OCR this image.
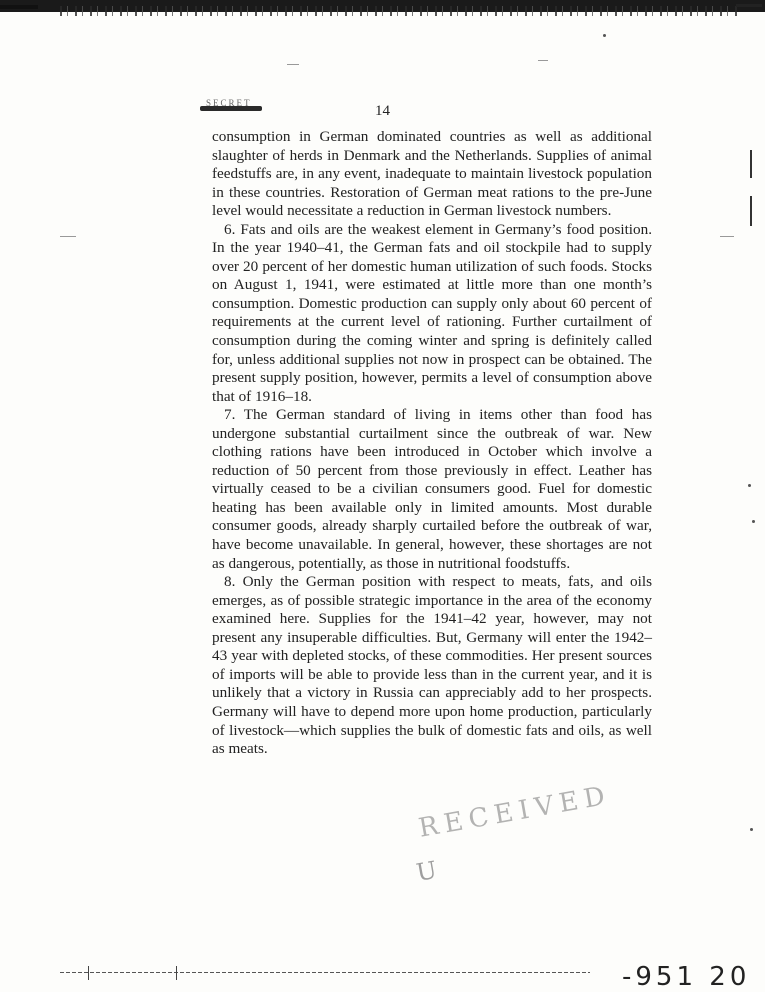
SECRET	14

consumption in German dominated countries as well as additional slaughter of herds in Denmark and the Netherlands. Supplies of animal feedstuffs are, in any event, inadequate to maintain livestock population in these countries. Restoration of German meat rations to the pre-June level would necessitate a reduction in German livestock numbers.

6. Fats and oils are the weakest element in Germany’s food position. In the year 1940–41, the German fats and oil stockpile had to supply over 20 percent of her domestic human utilization of such foods. Stocks on August 1, 1941, were estimated at little more than one month’s consumption. Domestic production can supply only about 60 percent of requirements at the current level of rationing. Further curtailment of consumption during the coming winter and spring is definitely called for, unless additional supplies not now in prospect can be obtained. The present supply position, however, permits a level of consumption above that of 1916–18.

7. The German standard of living in items other than food has undergone substantial curtailment since the outbreak of war. New clothing rations have been introduced in October which involve a reduction of 50 percent from those previously in effect. Leather has virtually ceased to be a civilian consumers good. Fuel for domestic heating has been available only in limited amounts. Most durable consumer goods, already sharply curtailed before the outbreak of war, have become unavailable. In general, however, these shortages are not as dangerous, potentially, as those in nutritional foodstuffs.

8. Only the German position with respect to meats, fats, and oils emerges, as of possible strategic importance in the area of the economy examined here. Supplies for the 1941–42 year, however, may not present any insuperable difficulties. But, Germany will enter the 1942–43 year with depleted stocks, of these commodities. Her present sources of imports will be able to provide less than in the current year, and it is unlikely that a victory in Russia can appreciably add to her prospects. Germany will have to depend more upon home production, particularly of livestock—which supplies the bulk of domestic fats and oils, as well as meats.

RECEIVED
U
-951 20
